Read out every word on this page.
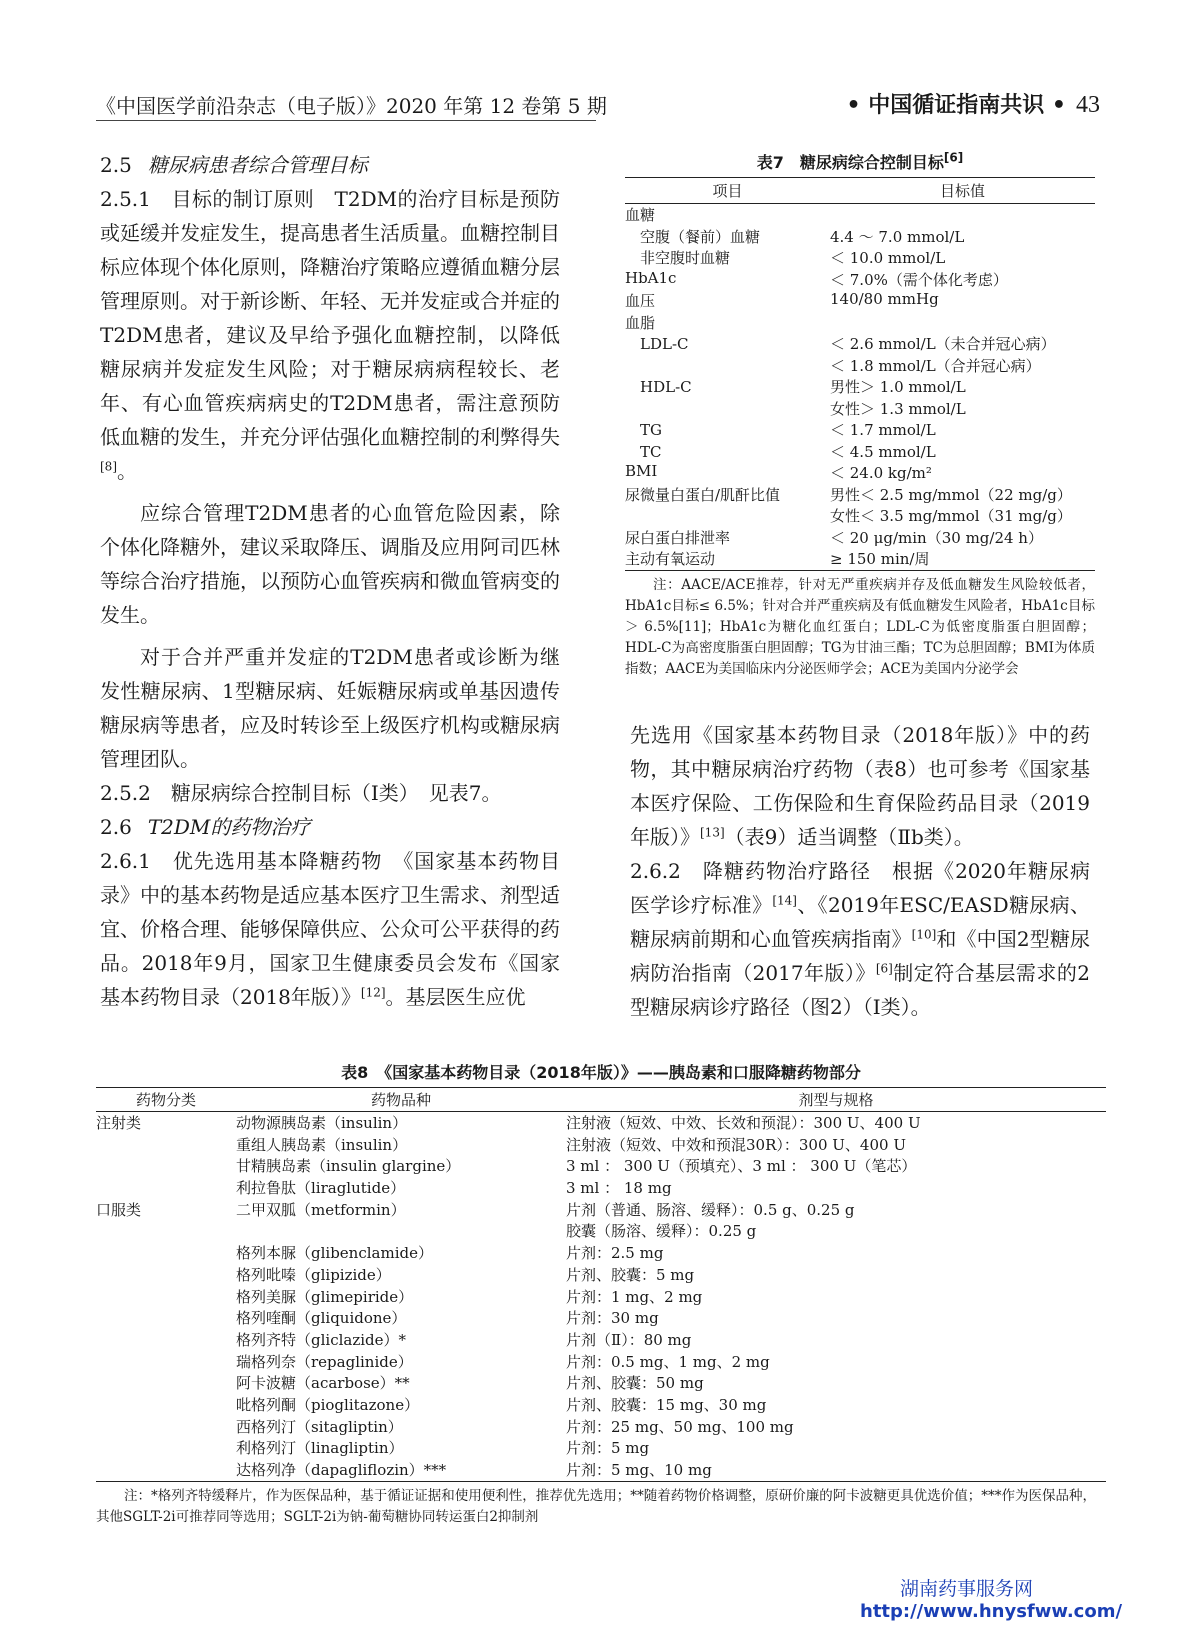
《中国医学前沿杂志（电子版）》2020 年第 12 卷第 5 期	• 中国循证指南共识 • 43

2.5 糖尿病患者综合管理目标

2.5.1　 目标的制订原则　 T2DM的治疗目标是预防或延缓并发症发生，提高患者生活质量。血糖控制目标应体现个体化原则，降糖治疗策略应遵循血糖分层管理原则。对于新诊断、年轻、无并发症或合并症的T2DM患者，建议及早给予强化血糖控制，以降低糖尿病并发症发生风险；对于糖尿病病程较长、老年、有心血管疾病病史的T2DM患者，需注意预防低血糖的发生，并充分评估强化血糖控制的利弊得失[8]。

应综合管理T2DM患者的心血管危险因素，除个体化降糖外，建议采取降压、调脂及应用阿司匹林等综合治疗措施，以预防心血管疾病和微血管病变的发生。

对于合并严重并发症的T2DM患者或诊断为继发性糖尿病、1型糖尿病、妊娠糖尿病或单基因遗传糖尿病等患者，应及时转诊至上级医疗机构或糖尿病管理团队。

2.5.2　 糖尿病综合控制目标（Ⅰ类）　 见表7。

2.6 T2DM的药物治疗

2.6.1　 优先选用基本降糖药物　 《国家基本药物目录》中的基本药物是适应基本医疗卫生需求、剂型适宜、价格合理、能够保障供应、公众可公平获得的药品。2018年9月，国家卫生健康委员会发布《国家基本药物目录（2018年版）》[12]。基层医生应优

表7　糖尿病综合控制目标[6]
项目	目标值
血糖	
　空腹（餐前）血糖	4.4 ～ 7.0 mmol/L
　非空腹时血糖	＜ 10.0 mmol/L
HbA1c	＜ 7.0%（需个体化考虑）
血压	140/80 mmHg
血脂	
　LDL-C	＜ 2.6 mmol/L（未合并冠心病）
	＜ 1.8 mmol/L（合并冠心病）
　HDL-C	男性＞ 1.0 mmol/L
	女性＞ 1.3 mmol/L
　TG	＜ 1.7 mmol/L
　TC	＜ 4.5 mmol/L
BMI	＜ 24.0 kg/m²
尿微量白蛋白/肌酐比值	男性＜ 2.5 mg/mmol（22 mg/g）
	女性＜ 3.5 mg/mmol（31 mg/g）
尿白蛋白排泄率	＜ 20 μg/min（30 mg/24 h）
主动有氧运动	≥ 150 min/周
注：AACE/ACE推荐，针对无严重疾病并存及低血糖发生风险较低者，HbA1c目标≤ 6.5%；针对合并严重疾病及有低血糖发生风险者，HbA1c目标＞ 6.5%[11]；HbA1c为糖化血红蛋白；LDL-C为低密度脂蛋白胆固醇；HDL-C为高密度脂蛋白胆固醇；TG为甘油三酯；TC为总胆固醇；BMI为体质指数；AACE为美国临床内分泌医师学会；ACE为美国内分泌学会

先选用《国家基本药物目录（2018年版）》中的药物，其中糖尿病治疗药物（表8）也可参考《国家基本医疗保险、工伤保险和生育保险药品目录（2019年版）》[13]（表9）适当调整（Ⅱb类）。

2.6.2　 降糖药物治疗路径　 根据《2020年糖尿病医学诊疗标准》[14]、《2019年ESC/EASD糖尿病、糖尿病前期和心血管疾病指南》[10]和《中国2型糖尿病防治指南（2017年版）》[6]制定符合基层需求的2型糖尿病诊疗路径（图2）（Ⅰ类）。

表8　《国家基本药物目录（2018年版）》——胰岛素和口服降糖药物部分
药物分类	药物品种	剂型与规格
注射类	动物源胰岛素（insulin）	注射液（短效、中效、长效和预混）：300 U、400 U
	重组人胰岛素（insulin）	注射液（短效、中效和预混30R）：300 U、400 U
	甘精胰岛素（insulin glargine）	3 ml ： 300 U（预填充）、3 ml ： 300 U（笔芯）
	利拉鲁肽（liraglutide）	3 ml ： 18 mg
口服类	二甲双胍（metformin）	片剂（普通、肠溶、缓释）：0.5 g、0.25 g
		胶囊（肠溶、缓释）：0.25 g
	格列本脲（glibenclamide）	片剂：2.5 mg
	格列吡嗪（glipizide）	片剂、胶囊：5 mg
	格列美脲（glimepiride）	片剂：1 mg、2 mg
	格列喹酮（gliquidone）	片剂：30 mg
	格列齐特（gliclazide）*	片剂（Ⅱ）：80 mg
	瑞格列奈（repaglinide）	片剂：0.5 mg、1 mg、2 mg
	阿卡波糖（acarbose）**	片剂、胶囊：50 mg
	吡格列酮（pioglitazone）	片剂、胶囊：15 mg、30 mg
	西格列汀（sitagliptin）	片剂：25 mg、50 mg、100 mg
	利格列汀（linagliptin）	片剂：5 mg
	达格列净（dapagliflozin）***	片剂：5 mg、10 mg
注：*格列齐特缓释片，作为医保品种，基于循证证据和使用便利性，推荐优先选用；**随着药物价格调整，原研价廉的阿卡波糖更具优选价值；***作为医保品种，其他SGLT-2i可推荐同等选用；SGLT-2i为钠-葡萄糖协同转运蛋白2抑制剂
湖南药事服务网
http://www.hnysfww.com/
